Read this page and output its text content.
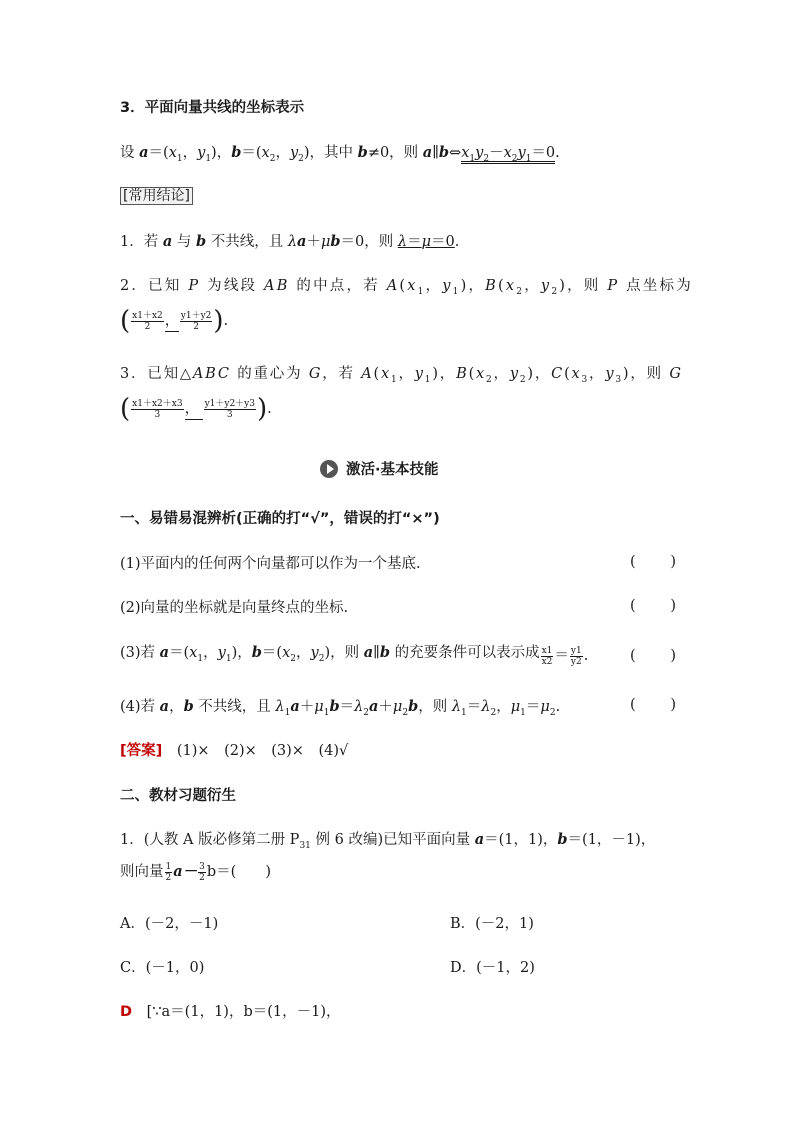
3．平面向量共线的坐标表示
设 $a=(x_1$，$y_1$)，$b=(x_2$，$y_2$)，其中 b≠0，则 $a\parallel b\Leftrightarrow x_1y_2-x_2y_1=0$.
[常用结论]
1．若 a 与 b 不共线，且 λa＋μb＝0，则 λ＝μ＝0.
2．已知 P 为线段 AB 的中点，若 $A(x_1$，$y_1$)，$B(x_2$，$y_2$)，则 P 点坐标为
( $\frac{x1+x2}{2}$ ， $\frac{y1+y2}{2}$ ) .
3．已知△ABC 的重心为 G，若 $A(x_1$，$y_1$)，$B(x_2$，$y_2$)，$C(x_3$，$y_3$)，则 G
( $\frac{x1+x2+x3}{3}$ ， $\frac{y1+y2+y3}{3}$ ) .
激活·基本技能
一、易错易混辨析(正确的打“√”，错误的打“×”)
(1)平面内的任何两个向量都可以作为一个基底.	( )
(2)向量的坐标就是向量终点的坐标.	( )
(3)若 $a=(x_1$，$y_1$)，$b=(x_2$，$y_2$)，则 a∥b 的充要条件可以表示成 $\frac{x1}{x2} = \frac{y1}{y2}$ .	( )
(4)若 a，b 不共线，且 $\lambda_1a+\mu_1b=\lambda_2a+\mu_2b$，则 $\lambda_1=\lambda_2$，$\mu_1=\mu_2$.	( )
[答案] (1)×　(2)×　(3)×　(4)√
二、教材习题衍生
1．(人教 A 版必修第二册 $P_{31}$ 例 6 改编)已知平面向量 a＝(1，1)，b＝(1，－1)，
则向量 $\frac{1}{2} a- \frac{3}{2} b=$(　　)
A．(－2，－1)	B．(－2，1)
C．(－1，0)	D．(－1，2)
D [∵a＝(1，1)，b＝(1，－1)，
